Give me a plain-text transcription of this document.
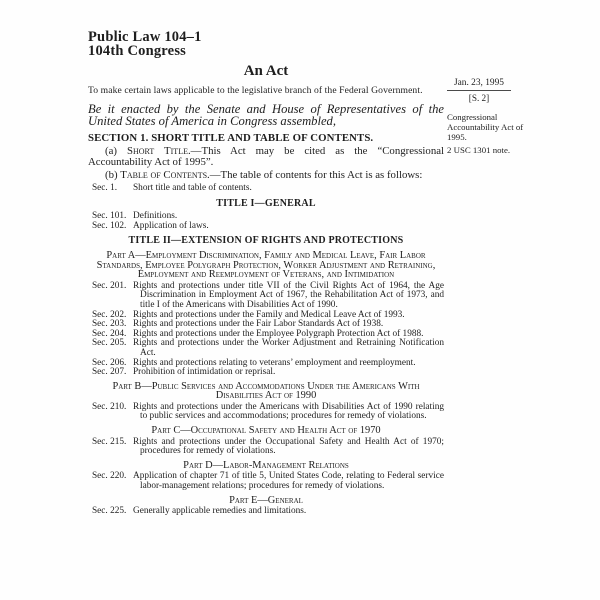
Public Law 104–1
104th Congress
An Act
To make certain laws applicable to the legislative branch of the Federal Government.
Be it enacted by the Senate and House of Representatives of the United States of America in Congress assembled,
SECTION 1. SHORT TITLE AND TABLE OF CONTENTS.

(a) Short Title.—This Act may be cited as the “Congressional Accountability Act of 1995”.

(b) Table of Contents.—The table of contents for this Act is as follows:

Sec. 1. Short title and table of contents.
TITLE I—GENERAL
Sec. 101. Definitions.
Sec. 102. Application of laws.
TITLE II—EXTENSION OF RIGHTS AND PROTECTIONS
Part A—Employment Discrimination, Family and Medical Leave, Fair Labor Standards, Employee Polygraph Protection, Worker Adjustment and Retraining, Employment and Reemployment of Veterans, and Intimidation
Sec. 201. Rights and protections under title VII of the Civil Rights Act of 1964, the Age Discrimination in Employment Act of 1967, the Rehabilitation Act of 1973, and title I of the Americans with Disabilities Act of 1990.
Sec. 202. Rights and protections under the Family and Medical Leave Act of 1993.
Sec. 203. Rights and protections under the Fair Labor Standards Act of 1938.
Sec. 204. Rights and protections under the Employee Polygraph Protection Act of 1988.
Sec. 205. Rights and protections under the Worker Adjustment and Retraining Notification Act.
Sec. 206. Rights and protections relating to veterans’ employment and reemployment.
Sec. 207. Prohibition of intimidation or reprisal.
Part B—Public Services and Accommodations Under the Americans With Disabilities Act of 1990
Sec. 210. Rights and protections under the Americans with Disabilities Act of 1990 relating to public services and accommodations; procedures for remedy of violations.
Part C—Occupational Safety and Health Act of 1970
Sec. 215. Rights and protections under the Occupational Safety and Health Act of 1970; procedures for remedy of violations.
Part D—Labor-Management Relations
Sec. 220. Application of chapter 71 of title 5, United States Code, relating to Federal service labor-management relations; procedures for remedy of violations.
Part E—General
Sec. 225. Generally applicable remedies and limitations.
Jan. 23, 1995
[S. 2]
Congressional Accountability Act of 1995.
2 USC 1301 note.
